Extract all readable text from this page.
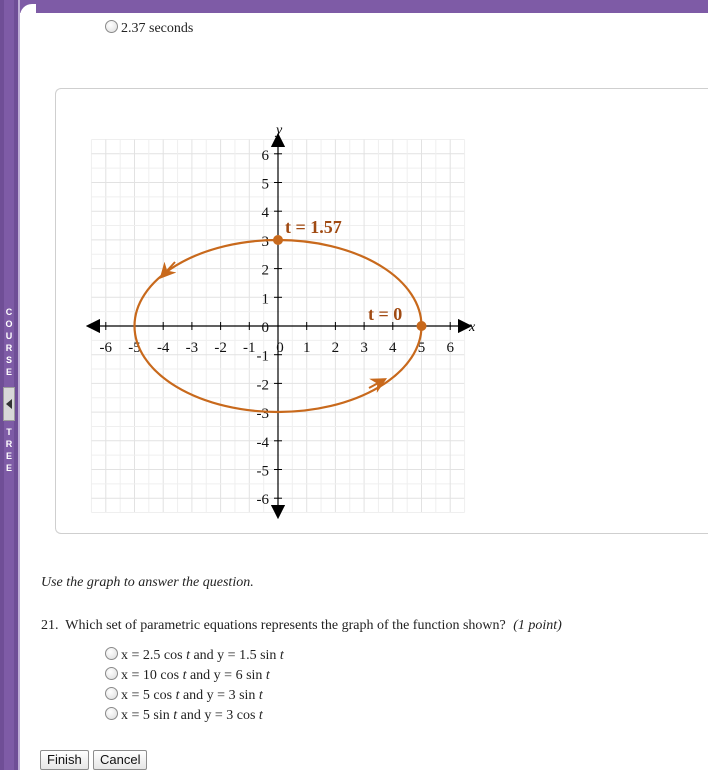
C
O
U
R
S
E
T
R
E
E
2.37 seconds
x
y
-6 -5 -4 -3 -2 -1 0 1 2 3 4 5 6
6
5
4
3
2
1
0
-1
-2
-3
-4
-5
-6
t = 1.57
t = 0
Use the graph to answer the question.
21. Which set of parametric equations represents the graph of the function shown? (1 point)
x = 2.5 cos t and y = 1.5 sin t
x = 10 cos t and y = 6 sin t
x = 5 cos t and y = 3 sin t
x = 5 sin t and y = 3 cos t
Finish	Cancel
